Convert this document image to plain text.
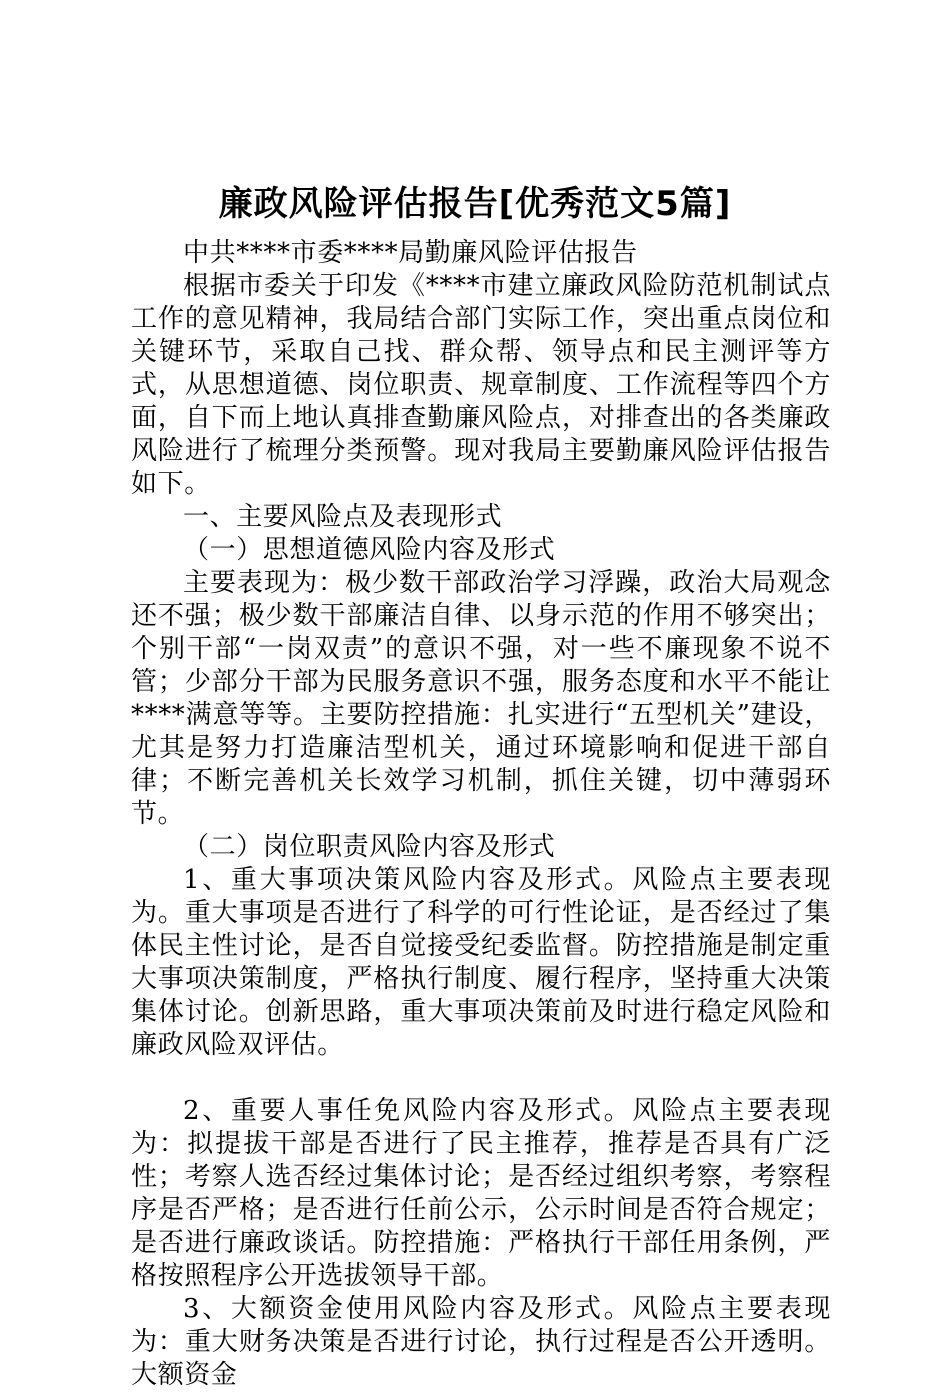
廉政风险评估报告[优秀范文5篇]

中共****市委****局勤廉风险评估报告

根据市委关于印发《****市建立廉政风险防范机制试点工作的意见精神，我局结合部门实际工作，突出重点岗位和关键环节，采取自己找、群众帮、领导点和民主测评等方式，从思想道德、岗位职责、规章制度、工作流程等四个方面，自下而上地认真排查勤廉风险点，对排查出的各类廉政风险进行了梳理分类预警。现对我局主要勤廉风险评估报告如下。

一、主要风险点及表现形式

（一）思想道德风险内容及形式

主要表现为：极少数干部政治学习浮躁，政治大局观念还不强；极少数干部廉洁自律、以身示范的作用不够突出；个别干部“一岗双责”的意识不强，对一些不廉现象不说不管；少部分干部为民服务意识不强，服务态度和水平不能让****满意等等。主要防控措施：扎实进行“五型机关”建设，尤其是努力打造廉洁型机关，通过环境影响和促进干部自律；不断完善机关长效学习机制，抓住关键，切中薄弱环节。

（二）岗位职责风险内容及形式

1、重大事项决策风险内容及形式。风险点主要表现为。重大事项是否进行了科学的可行性论证，是否经过了集体民主性讨论，是否自觉接受纪委监督。防控措施是制定重大事项决策制度，严格执行制度、履行程序，坚持重大决策集体讨论。创新思路，重大事项决策前及时进行稳定风险和廉政风险双评估。

2、重要人事任免风险内容及形式。风险点主要表现为：拟提拔干部是否进行了民主推荐，推荐是否具有广泛性；考察人选否经过集体讨论；是否经过组织考察，考察程序是否严格；是否进行任前公示，公示时间是否符合规定；是否进行廉政谈话。防控措施：严格执行干部任用条例，严格按照程序公开选拔领导干部。

3、大额资金使用风险内容及形式。风险点主要表现为：重大财务决策是否进行讨论，执行过程是否公开透明。大额资金
